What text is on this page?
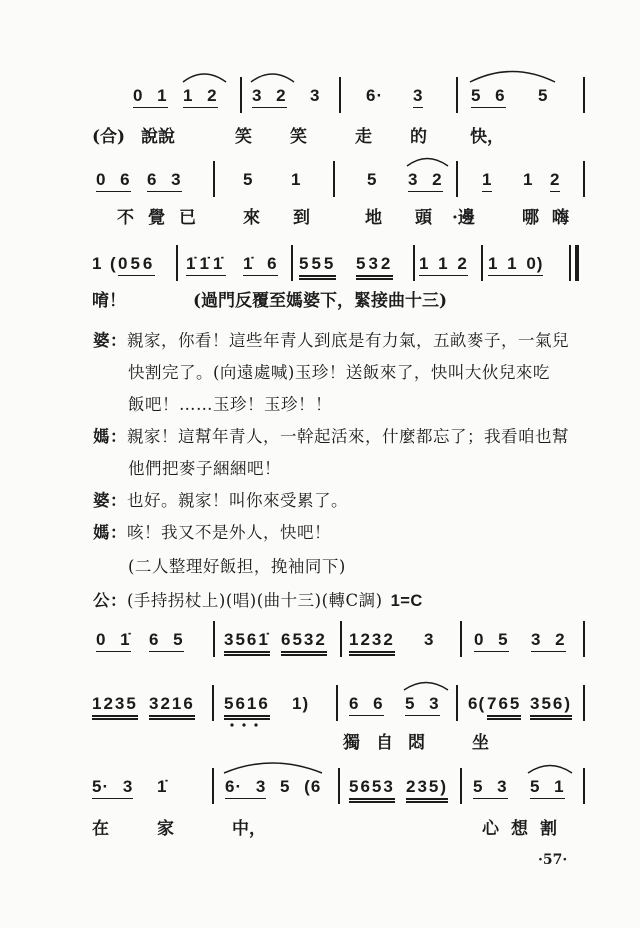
0 1 1 2 3 2 3	6· 3	5 6 5
(合) 說說	笑 笑	走 的	快，
0 6 6 3	5 1	5 3 2 1 1 2
不 覺 已	來 到	地 頭 ·邊	哪 嗨
1 ( 056 1̇1̇1̇ 1̇ 6 555 532 1 1 2 1 1 0)
唷！	(過門反覆至媽婆下，緊接曲十三)
婆：親家，你看！這些年青人到底是有力氣，五畝麥子，一氣兒
快割完了。(向遠處喊)玉珍！送飯來了，快叫大伙兒來吃
飯吧！……玉珍！玉珍！！
媽：親家！這幫年青人，一幹起活來，什麼都忘了；我看咱也幫
他們把麥子綑綑吧！
婆：也好。親家！叫你來受累了。
媽：咳！我又不是外人，快吧！
(二人整理好飯担，挽袖同下)
公：(手持拐杖上)(唱)(曲十三)(轉C調) 1=C
0 1̇ 6 5 3561̇ 6532 1232 3 0 5 3 2
1235 3216 5616 1) 6 6 5 3 6( 765 356)
獨 自 悶	坐
5· 3 1̇	6· 3 5 (6 5653 235) 5 3 5 1
在	家	中，	心 想 割
·57·
